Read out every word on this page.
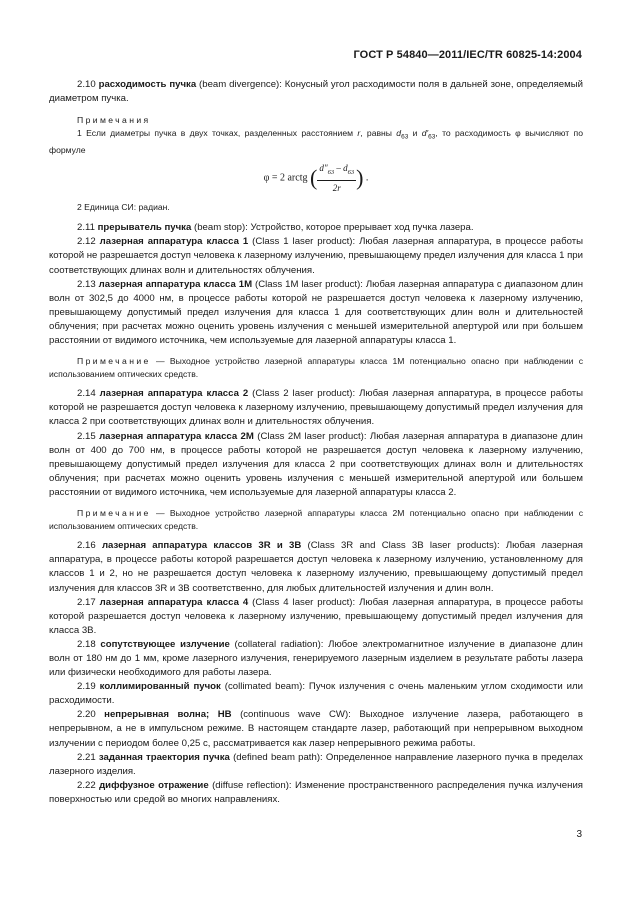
ГОСТ Р 54840—2011/IEC/TR 60825-14:2004

2.10 расходимость пучка (beam divergence): Конусный угол расходимости поля в дальней зоне, определяемый диаметром пучка.

Примечания

1 Если диаметры пучка в двух точках, разделенных расстоянием r, равны $d_{63}$ и $d'_{63}$, то расходимость φ вычисляют по формуле

φ = 2 arctg ( $\frac{d"_{63} - d_{63}}{2r}$ ) .

2 Единица СИ: радиан.

2.11 прерыватель пучка (beam stop): Устройство, которое прерывает ход пучка лазера.

2.12 лазерная аппаратура класса 1 (Class 1 laser product): Любая лазерная аппаратура, в процессе работы которой не разрешается доступ человека к лазерному излучению, превышающему предел излучения для класса 1 при соответствующих длинах волн и длительностях облучения.

2.13 лазерная аппаратура класса 1М (Class 1M laser product): Любая лазерная аппаратура с диапазоном длин волн от 302,5 до 4000 нм, в процессе работы которой не разрешается доступ человека к лазерному излучению, превышающему допустимый предел излучения для класса 1 для соответствующих длин волн и длительностей облучения; при расчетах можно оценить уровень излучения с меньшей измерительной апертурой или при большем расстоянии от видимого источника, чем используемые для лазерной аппаратуры класса 1.

Примечание — Выходное устройство лазерной аппаратуры класса 1М потенциально опасно при наблюдении с использованием оптических средств.

2.14 лазерная аппаратура класса 2 (Class 2 laser product): Любая лазерная аппаратура, в процессе работы которой не разрешается доступ человека к лазерному излучению, превышающему допустимый предел излучения для класса 2 при соответствующих длинах волн и длительностях облучения.

2.15 лазерная аппаратура класса 2М (Class 2M laser product): Любая лазерная аппаратура в диапазоне длин волн от 400 до 700 нм, в процессе работы которой не разрешается доступ человека к лазерному излучению, превышающему допустимый предел излучения для класса 2 при соответствующих длинах волн и длительностях облучения; при расчетах можно оценить уровень излучения с меньшей измерительной апертурой или большем расстоянии от видимого источника, чем используемые для лазерной аппаратуры класса 2.

Примечание — Выходное устройство лазерной аппаратуры класса 2М потенциально опасно при наблюдении с использованием оптических средств.

2.16 лазерная аппаратура классов 3R и 3B (Class 3R and Class 3B laser products): Любая лазерная аппаратура, в процессе работы которой разрешается доступ человека к лазерному излучению, установленному для классов 1 и 2, но не разрешается доступ человека к лазерному излучению, превышающему допустимый предел излучения для классов 3R и 3B соответственно, для любых длительностей излучения и длин волн.

2.17 лазерная аппаратура класса 4 (Class 4 laser product): Любая лазерная аппаратура, в процессе работы которой разрешается доступ человека к лазерному излучению, превышающему допустимый предел излучения для класса 3B.

2.18 сопутствующее излучение (collateral radiation): Любое электромагнитное излучение в диапазоне длин волн от 180 нм до 1 мм, кроме лазерного излучения, генерируемого лазерным изделием в результате работы лазера или физически необходимого для работы лазера.

2.19 коллимированный пучок (collimated beam): Пучок излучения с очень маленьким углом сходимости или расходимости.

2.20 непрерывная волна; НВ (continuous wave CW): Выходное излучение лазера, работающего в непрерывном, а не в импульсном режиме. В настоящем стандарте лазер, работающий при непрерывном выходном излучении с периодом более 0,25 с, рассматривается как лазер непрерывного режима работы.

2.21 заданная траектория пучка (defined beam path): Определенное направление лазерного пучка в пределах лазерного изделия.

2.22 диффузное отражение (diffuse reflection): Изменение пространственного распределения пучка излучения поверхностью или средой во многих направлениях.

3
